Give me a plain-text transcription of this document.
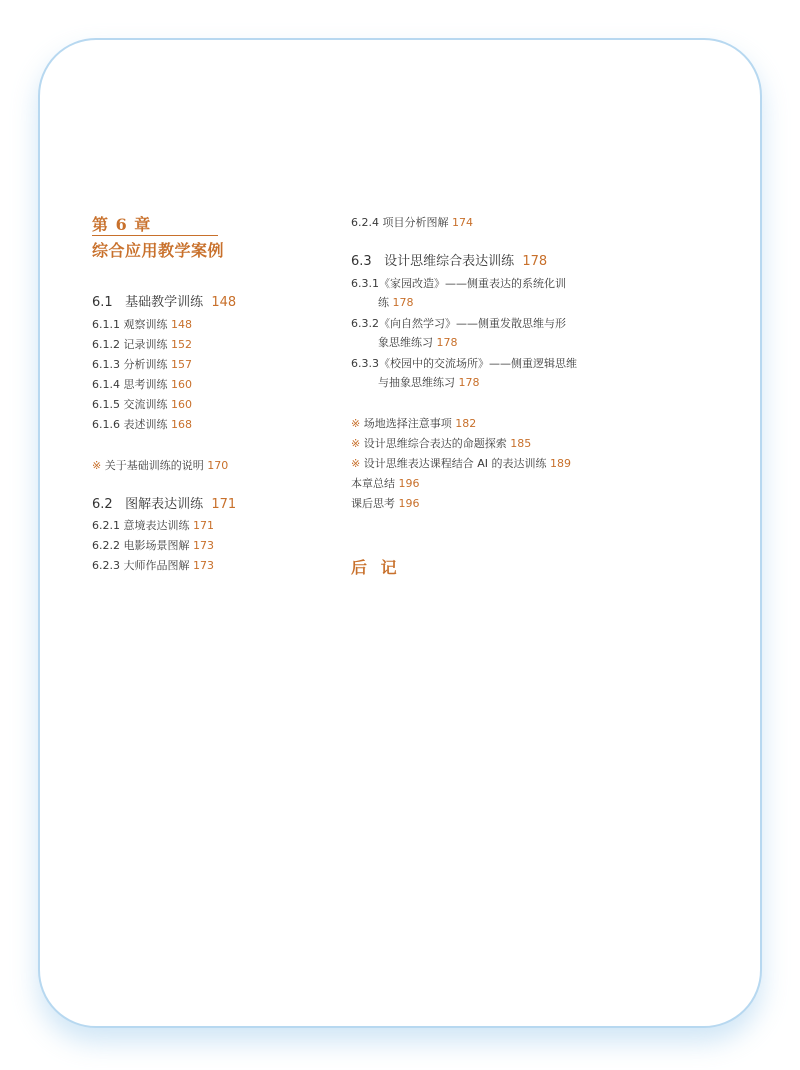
第 6 章
综合应用教学案例
6.1 基础教学训练 148
6.1.1 观察训练 148
6.1.2 记录训练 152
6.1.3 分析训练 157
6.1.4 思考训练 160
6.1.5 交流训练 160
6.1.6 表述训练 168
※ 关于基础训练的说明 170
6.2 图解表达训练 171
6.2.1 意境表达训练 171
6.2.2 电影场景图解 173
6.2.3 大师作品图解 173
6.2.4 项目分析图解 174
6.3 设计思维综合表达训练 178
6.3.1《家园改造》——侧重表达的系统化训
练 178
6.3.2《向自然学习》——侧重发散思维与形
象思维练习 178
6.3.3《校园中的交流场所》——侧重逻辑思维
与抽象思维练习 178
※ 场地选择注意事项 182
※ 设计思维综合表达的命题探索 185
※ 设计思维表达课程结合 AI 的表达训练 189
本章总结 196
课后思考 196
后 记
